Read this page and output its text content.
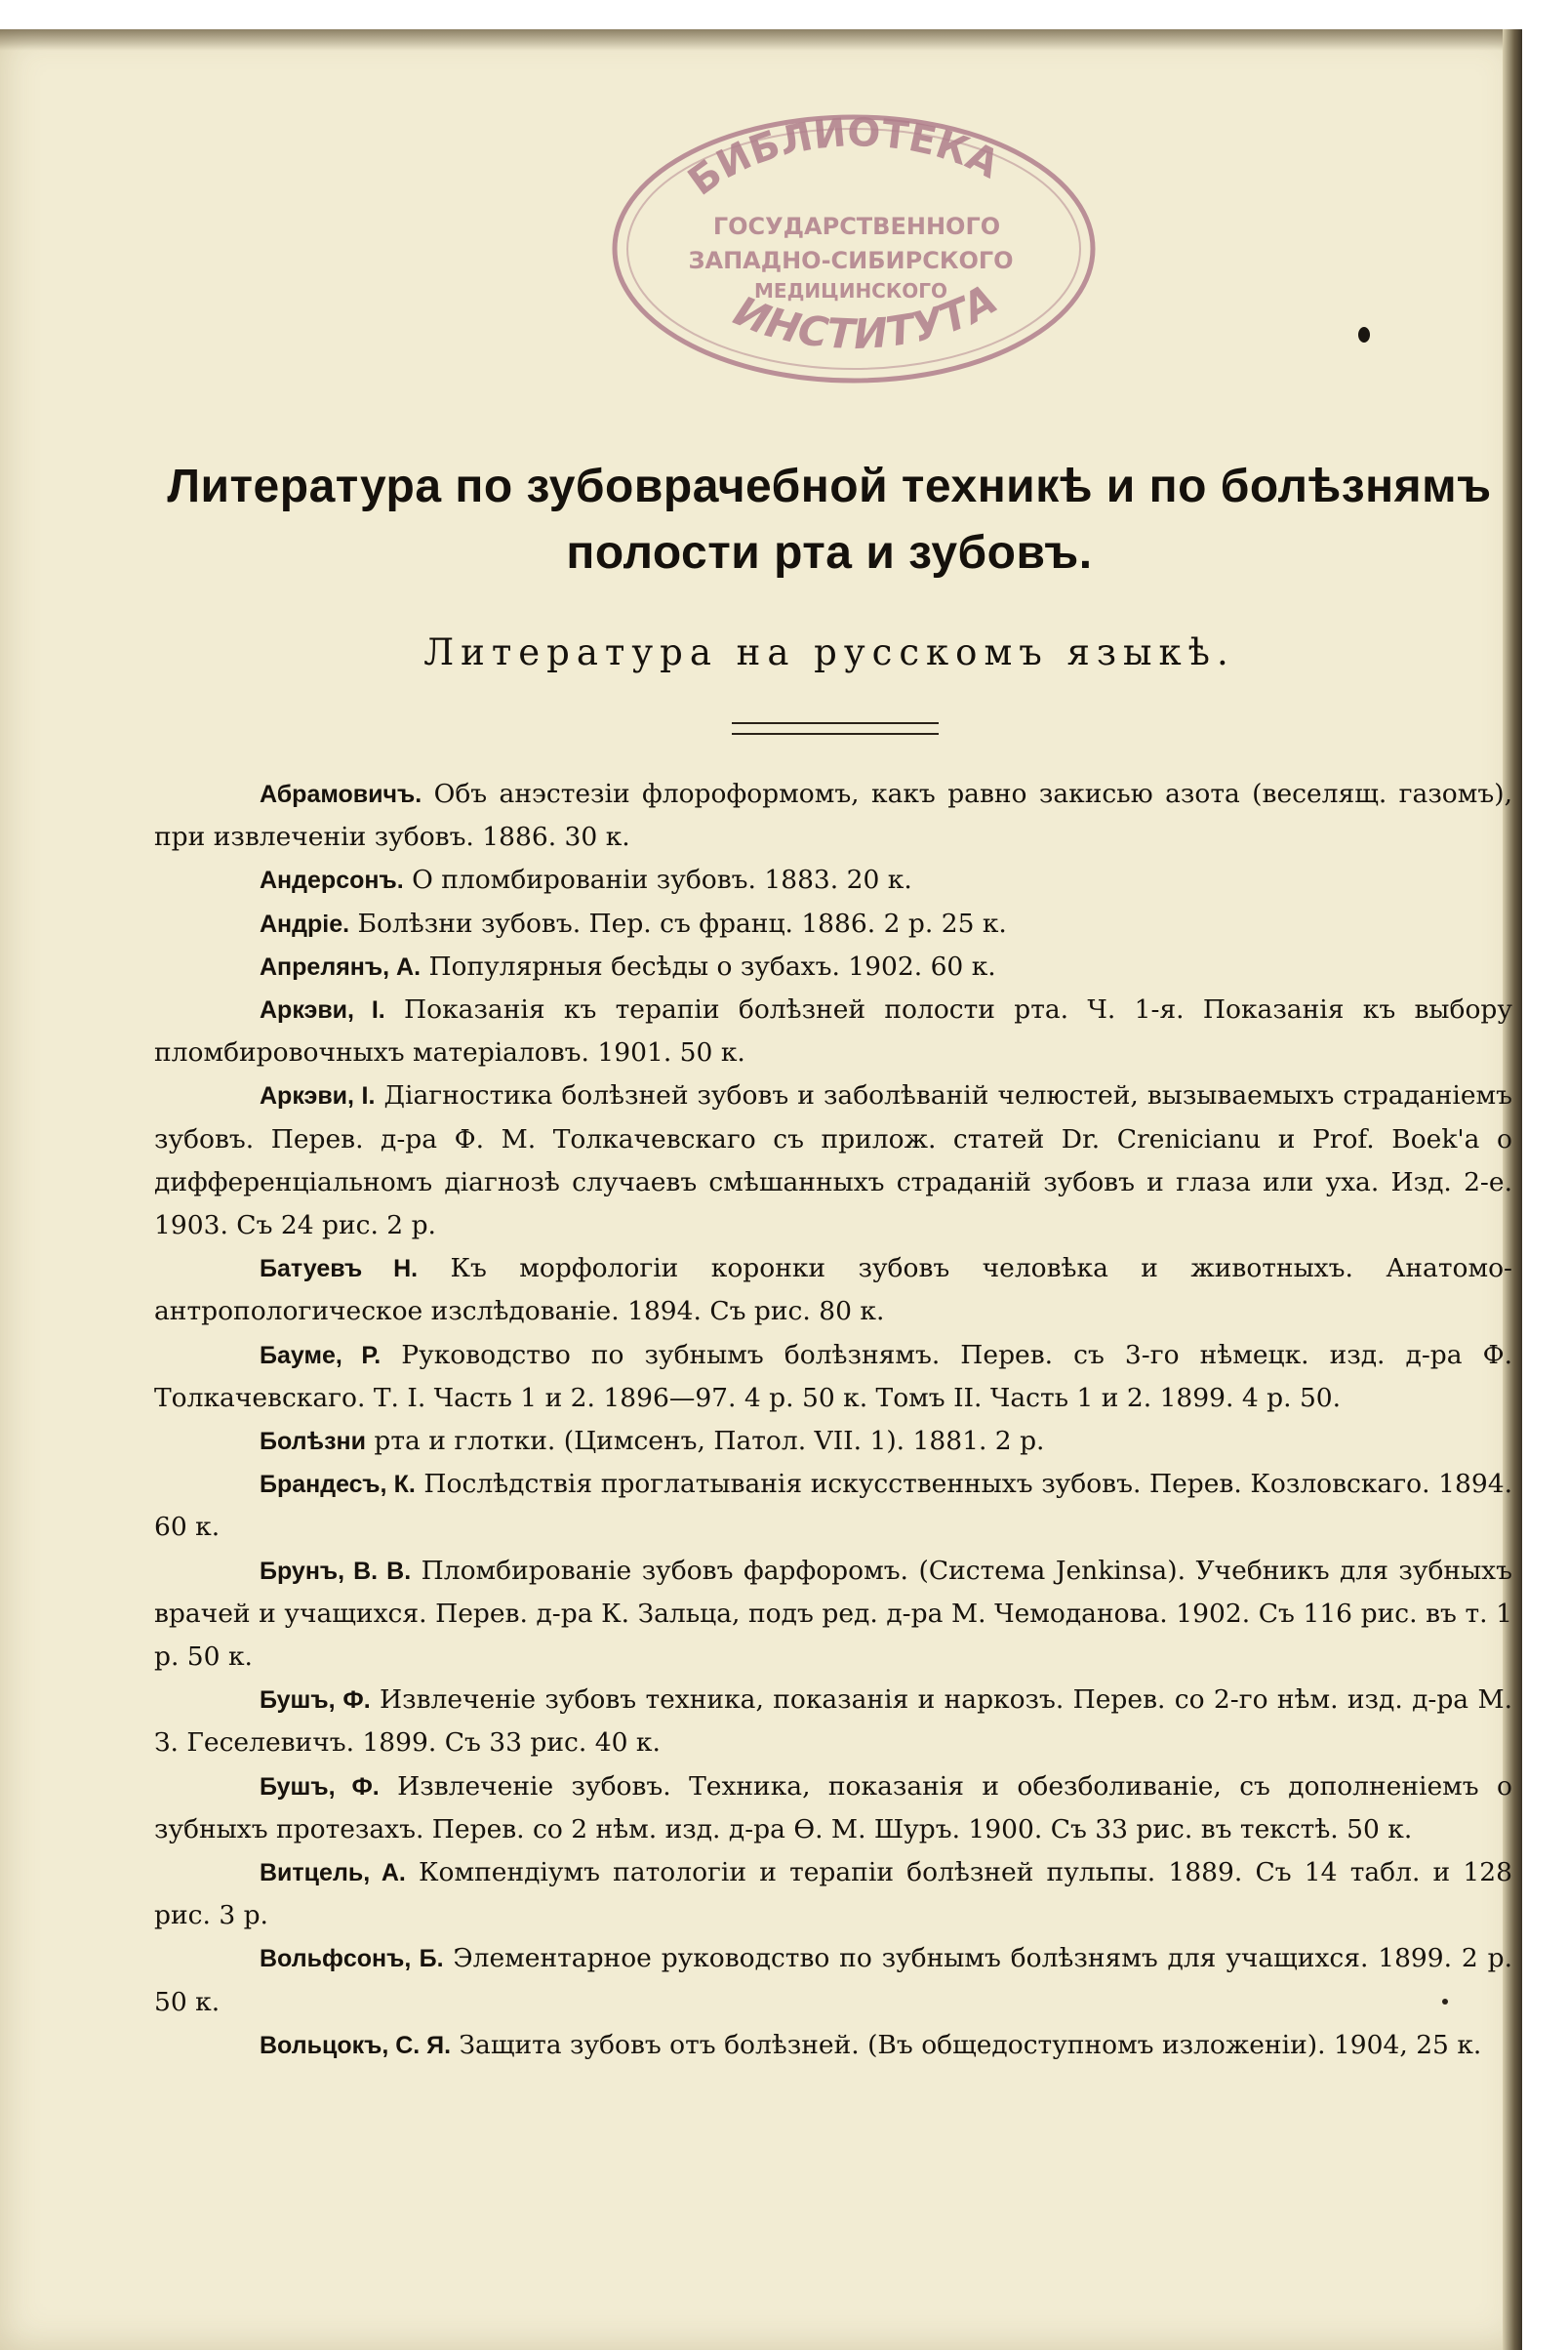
БИБЛИОТЕКА
ГОСУДАРСТВЕННОГО
ЗАПАДНО-СИБИРСКОГО
МЕДИЦИНСКОГО
ИНСТИТУТА
Литература по зубоврачебной техникѣ и по болѣзнямъ
полости рта и зубовъ.
Литература на русскомъ языкѣ.

Абрамовичъ. Объ анэстезіи флороформомъ, какъ равно закисью азота (веселящ. газомъ), при извлеченіи зубовъ. 1886. 30 к.

Андерсонъ. О пломбированіи зубовъ. 1883. 20 к.

Андріе. Болѣзни зубовъ. Пер. съ франц. 1886. 2 р. 25 к.

Апрелянъ, А. Популярныя бесѣды о зубахъ. 1902. 60 к.

Аркэви, І. Показанія къ терапіи болѣзней полости рта. Ч. 1-я. Показанія къ выбору пломбировочныхъ матеріаловъ. 1901. 50 к.

Аркэви, І. Діагностика болѣзней зубовъ и заболѣваній челюстей, вызываемыхъ страданіемъ зубовъ. Перев. д-ра Ф. М. Толкачевскаго съ прилож. статей Dr. Crenicianu и Prof. Boek'a о дифференціальномъ діагнозѣ случаевъ смѣшанныхъ страданій зубовъ и глаза или уха. Изд. 2-е. 1903. Съ 24 рис. 2 р.

Батуевъ Н. Къ морфологіи коронки зубовъ человѣка и животныхъ. Анатомо-антропологическое изслѣдованіе. 1894. Съ рис. 80 к.

Бауме, Р. Руководство по зубнымъ болѣзнямъ. Перев. съ 3-го нѣмецк. изд. д-ра Ф. Толкачевскаго. Т. І. Часть 1 и 2. 1896—97. 4 р. 50 к. Томъ II. Часть 1 и 2. 1899. 4 р. 50.

Болѣзни рта и глотки. (Цимсенъ, Патол. VII. 1). 1881. 2 р.

Брандесъ, К. Послѣдствія проглатыванія искусственныхъ зубовъ. Перев. Козловскаго. 1894. 60 к.

Брунъ, В. В. Пломбированіе зубовъ фарфоромъ. (Система Jenkinsa). Учебникъ для зубныхъ врачей и учащихся. Перев. д-ра К. Зальца, подъ ред. д-ра М. Чемоданова. 1902. Съ 116 рис. въ т. 1 р. 50 к.

Бушъ, Ф. Извлеченіе зубовъ техника, показанія и наркозъ. Перев. со 2-го нѣм. изд. д-ра М. З. Геселевичъ. 1899. Съ 33 рис. 40 к.

Бушъ, Ф. Извлеченіе зубовъ. Техника, показанія и обезболиваніе, съ дополненіемъ о зубныхъ протезахъ. Перев. со 2 нѣм. изд. д-ра Ѳ. М. Шуръ. 1900. Съ 33 рис. въ текстѣ. 50 к.

Витцель, А. Компендіумъ патологіи и терапіи болѣзней пульпы. 1889. Съ 14 табл. и 128 рис. 3 р.

Вольфсонъ, Б. Элементарное руководство по зубнымъ болѣзнямъ для учащихся. 1899. 2 р. 50 к.

Вольцокъ, С. Я. Защита зубовъ отъ болѣзней. (Въ общедоступномъ изложеніи). 1904, 25 к.
